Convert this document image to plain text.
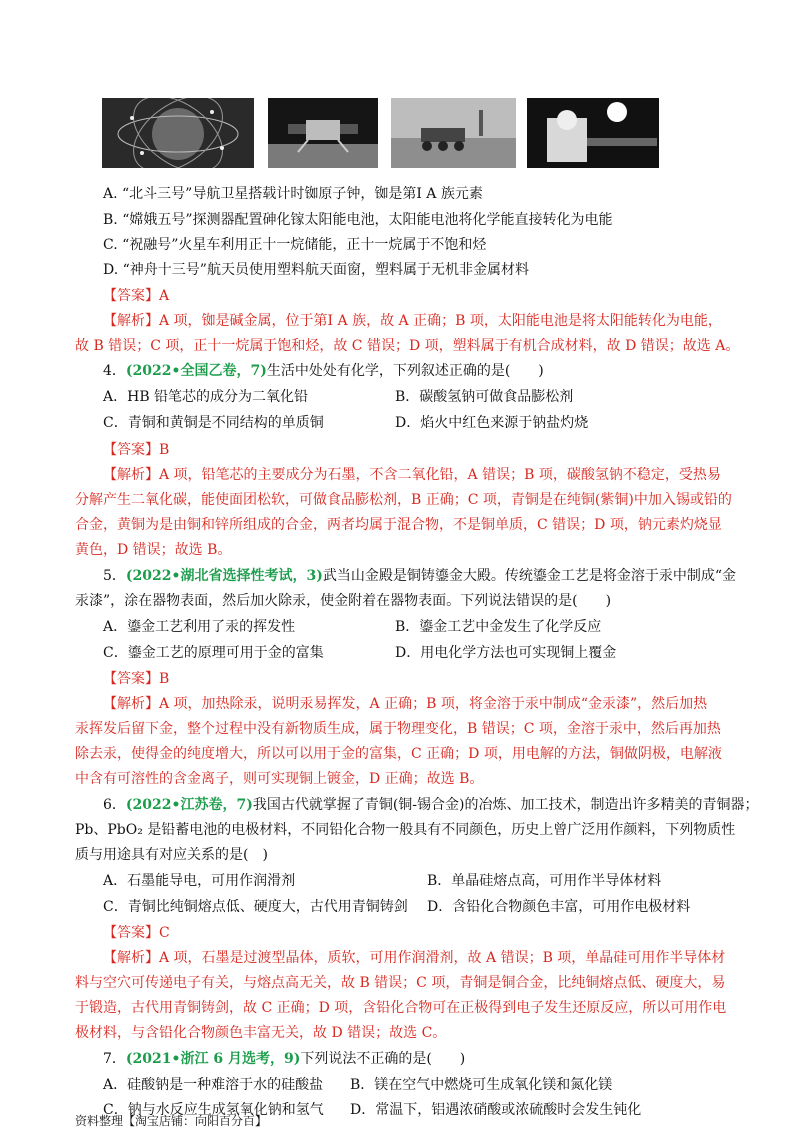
A. “北斗三号”导航卫星搭载计时铷原子钟，铷是第Ⅰ A 族元素
B. “嫦娥五号”探测器配置砷化镓太阳能电池，太阳能电池将化学能直接转化为电能
C. “祝融号”火星车利用正十一烷储能，正十一烷属于不饱和烃
D. “神舟十三号”航天员使用塑料航天面窗，塑料属于无机非金属材料
【答案】A
【解析】A 项，铷是碱金属，位于第Ⅰ A 族，故 A 正确；B 项，太阳能电池是将太阳能转化为电能，
故 B 错误；C 项，正十一烷属于饱和烃，故 C 错误；D 项，塑料属于有机合成材料，故 D 错误；故选 A。
4．(2022•全国乙卷，7)生活中处处有化学，下列叙述正确的是(　　)
A．HB 铅笔芯的成分为二氧化铅	B．碳酸氢钠可做食品膨松剂
C．青铜和黄铜是不同结构的单质铜	D．焰火中红色来源于钠盐灼烧
【答案】B
【解析】A 项，铅笔芯的主要成分为石墨，不含二氧化铅，A 错误；B 项，碳酸氢钠不稳定，受热易
分解产生二氧化碳，能使面团松软，可做食品膨松剂，B 正确；C 项，青铜是在纯铜(紫铜)中加入锡或铅的
合金，黄铜为是由铜和锌所组成的合金，两者均属于混合物，不是铜单质，C 错误；D 项，钠元素灼烧显
黄色，D 错误；故选 B。
5．(2022•湖北省选择性考试，3)武当山金殿是铜铸鎏金大殿。传统鎏金工艺是将金溶于汞中制成“金
汞漆”，涂在器物表面，然后加火除汞，使金附着在器物表面。下列说法错误的是(　　)
A．鎏金工艺利用了汞的挥发性	B．鎏金工艺中金发生了化学反应
C．鎏金工艺的原理可用于金的富集	D．用电化学方法也可实现铜上覆金
【答案】B
【解析】A 项，加热除汞，说明汞易挥发，A 正确；B 项，将金溶于汞中制成“金汞漆”，然后加热
汞挥发后留下金，整个过程中没有新物质生成，属于物理变化，B 错误；C 项，金溶于汞中，然后再加热
除去汞，使得金的纯度增大，所以可以用于金的富集，C 正确；D 项，用电解的方法，铜做阴极，电解液
中含有可溶性的含金离子，则可实现铜上镀金，D 正确；故选 B。
6．(2022•江苏卷，7)我国古代就掌握了青铜(铜-锡合金)的冶炼、加工技术，制造出许多精美的青铜器；
Pb、PbO₂ 是铅蓄电池的电极材料，不同铅化合物一般具有不同颜色，历史上曾广泛用作颜料，下列物质性
质与用途具有对应关系的是(　)
A．石墨能导电，可用作润滑剂	B．单晶硅熔点高，可用作半导体材料
C．青铜比纯铜熔点低、硬度大，古代用青铜铸剑 D．含铅化合物颜色丰富，可用作电极材料
【答案】C
【解析】A 项，石墨是过渡型晶体，质软，可用作润滑剂，故 A 错误；B 项，单晶硅可用作半导体材
料与空穴可传递电子有关，与熔点高无关，故 B 错误；C 项，青铜是铜合金，比纯铜熔点低、硬度大，易
于锻造，古代用青铜铸剑，故 C 正确；D 项，含铅化合物可在正极得到电子发生还原反应，所以可用作电
极材料，与含铅化合物颜色丰富无关，故 D 错误；故选 C。
7．(2021•浙江 6 月选考，9)下列说法不正确的是(　　)
A．硅酸钠是一种难溶于水的硅酸盐 B．镁在空气中燃烧可生成氧化镁和氮化镁
C．钠与水反应生成氢氧化钠和氢气 D．常温下，铝遇浓硝酸或浓硫酸时会发生钝化
资料整理【淘宝店铺：向阳百分百】
